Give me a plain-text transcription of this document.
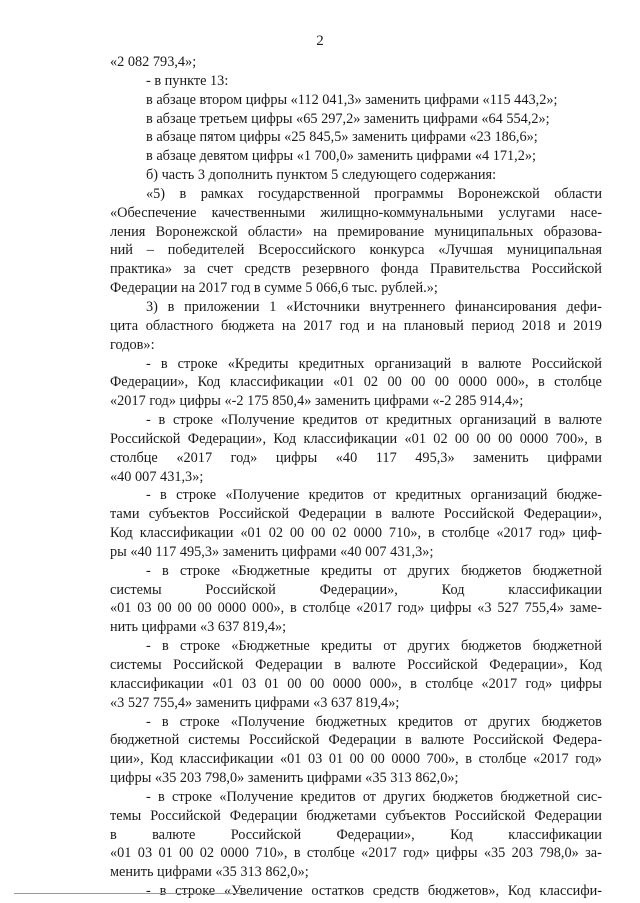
2
«2 082 793,4»;
- в пункте 13:
в абзаце втором цифры «112 041,3» заменить цифрами «115 443,2»;
в абзаце третьем цифры «65 297,2» заменить цифрами «64 554,2»;
в абзаце пятом цифры «25 845,5» заменить цифрами «23 186,6»;
в абзаце девятом цифры «1 700,0» заменить цифрами «4 171,2»;
б) часть 3 дополнить пунктом 5 следующего содержания:
«5) в рамках государственной программы Воронежской области
«Обеспечение качественными жилищно-коммунальными услугами насе-
ления Воронежской области» на премирование муниципальных образова-
ний – победителей Всероссийского конкурса «Лучшая муниципальная
практика» за счет средств резервного фонда Правительства Российской
Федерации на 2017 год в сумме 5 066,6 тыс. рублей.»;
3) в приложении 1 «Источники внутреннего финансирования дефи-
цита областного бюджета на 2017 год и на плановый период 2018 и 2019
годов»:
- в строке «Кредиты кредитных организаций в валюте Российской
Федерации», Код классификации «01 02 00 00 00 0000 000», в столбце
«2017 год» цифры «-2 175 850,4» заменить цифрами «-2 285 914,4»;
- в строке «Получение кредитов от кредитных организаций в валюте
Российской Федерации», Код классификации «01 02 00 00 00 0000 700», в
столбце «2017 год» цифры «40 117 495,3» заменить цифрами
«40 007 431,3»;
- в строке «Получение кредитов от кредитных организаций бюдже-
тами субъектов Российской Федерации в валюте Российской Федерации»,
Код классификации «01 02 00 00 02 0000 710», в столбце «2017 год» циф-
ры «40 117 495,3» заменить цифрами «40 007 431,3»;
- в строке «Бюджетные кредиты от других бюджетов бюджетной
системы	Российской	Федерации»,	Код	классификации
«01 03 00 00 00 0000 000», в столбце «2017 год» цифры «3 527 755,4» заме-
нить цифрами «3 637 819,4»;
- в строке «Бюджетные кредиты от других бюджетов бюджетной
системы Российской Федерации в валюте Российской Федерации», Код
классификации «01 03 01 00 00 0000 000», в столбце «2017 год» цифры
«3 527 755,4» заменить цифрами «3 637 819,4»;
- в строке «Получение бюджетных кредитов от других бюджетов
бюджетной системы Российской Федерации в валюте Российской Федера-
ции», Код классификации «01 03 01 00 00 0000 700», в столбце «2017 год»
цифры «35 203 798,0» заменить цифрами «35 313 862,0»;
- в строке «Получение кредитов от других бюджетов бюджетной сис-
темы Российской Федерации бюджетами субъектов Российской Федерации
в валюте Российской Федерации», Код классификации
«01 03 01 00 02 0000 710», в столбце «2017 год» цифры «35 203 798,0» за-
менить цифрами «35 313 862,0»;
- в строке «Увеличение остатков средств бюджетов», Код классифи-
